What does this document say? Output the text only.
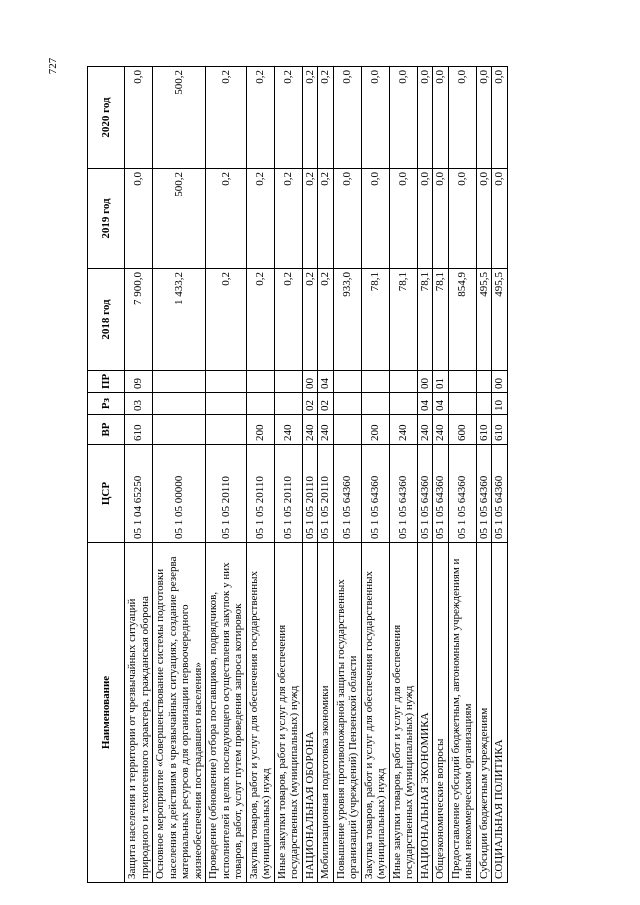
727
Наименование	ЦСР	ВР	Рз	ПР	2018 год	2019 год	2020 год
Защита населения и территории от чрезвычайных ситуаций природного и техногенного характера, гражданская оборона	05 1 04 65250	610	03	09	7 900,0	0,0	0,0
Основное мероприятие «Совершенствование системы подготовки населения к действиям в чрезвычайных ситуациях, создание резерва материальных ресурсов для организации первоочередного жизнеобеспечения пострадавшего населения»	05 1 05 00000				1 433,2	500,2	500,2
Проведение (обновление) отбора поставщиков, подрядчиков, исполнителей в целях последующего осуществления закупок у них товаров, работ, услуг путем проведения запроса котировок	05 1 05 20110				0,2	0,2	0,2
Закупка товаров, работ и услуг для обеспечения государственных (муниципальных) нужд	05 1 05 20110	200			0,2	0,2	0,2
Иные закупки товаров, работ и услуг для обеспечения государственных (муниципальных) нужд	05 1 05 20110	240			0,2	0,2	0,2
НАЦИОНАЛЬНАЯ ОБОРОНА	05 1 05 20110	240	02	00	0,2	0,2	0,2
Мобилизационная подготовка экономики	05 1 05 20110	240	02	04	0,2	0,2	0,2
Повышение уровня противопожарной защиты государственных организаций (учреждений) Пензенской области	05 1 05 64360				933,0	0,0	0,0
Закупка товаров, работ и услуг для обеспечения государственных (муниципальных) нужд	05 1 05 64360	200			78,1	0,0	0,0
Иные закупки товаров, работ и услуг для обеспечения государственных (муниципальных) нужд	05 1 05 64360	240			78,1	0,0	0,0
НАЦИОНАЛЬНАЯ ЭКОНОМИКА	05 1 05 64360	240	04	00	78,1	0,0	0,0
Общеэкономические вопросы	05 1 05 64360	240	04	01	78,1	0,0	0,0
Предоставление субсидий бюджетным, автономным учреждениям и иным некоммерческим организациям	05 1 05 64360	600			854,9	0,0	0,0
Субсидии бюджетным учреждениям	05 1 05 64360	610			495,5	0,0	0,0
СОЦИАЛЬНАЯ ПОЛИТИКА	05 1 05 64360	610	10	00	495,5	0,0	0,0
